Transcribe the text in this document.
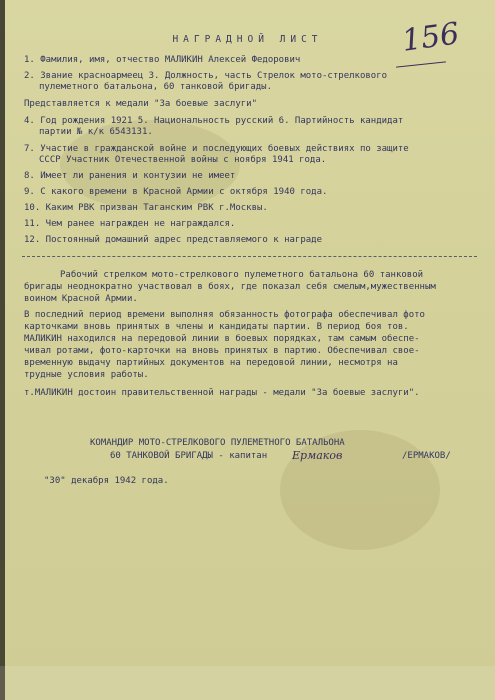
НАГРАДНОЙ ЛИСТ	156
1. Фамилия, имя, отчество МАЛИКИН Алексей Федорович
2. Звание красноармеец 3. Должность, часть Стрелок мото-стрелкового
пулеметного батальона, 60 танковой бригады.
Представляется к медали "За боевые заслуги"
4. Год рождения 1921 5. Национальность русский 6. Партийность кандидат
партии № к/к 6543131.
7. Участие в гражданской войне и последующих боевых действиях по защите
СССР Участник Отечественной войны с ноября 1941 года.
8. Имеет ли ранения и контузии не имеет
9. С какого времени в Красной Армии с октября 1940 года.
10. Каким РВК призван Таганским РВК г.Москвы.
11. Чем ранее награжден не награждался.
12. Постоянный домашний адрес представляемого к награде
Рабочий стрелком мото-стрелкового пулеметного батальона 60 танковой
бригады неоднократно участвовал в боях, где показал себя смелым,мужественным
воином Красной Армии.
В последний период времени выполняя обязанность фотографа обеспечивал фото
карточками вновь принятых в члены и кандидаты партии. В период боя тов.
МАЛИКИН находился на передовой линии в боевых порядках, там самым обеспе-
чивал ротами, фото-карточки на вновь принятых в партию. Обеспечивал свое-
временную выдачу партийных документов на передовой линии, несмотря на
трудные условия работы.
т.МАЛИКИН достоин правительственной награды - медали "За боевые заслуги".
КОМАНДИР МОТО-СТРЕЛКОВОГО ПУЛЕМЕТНОГО БАТАЛЬОНА
60 ТАНКОВОЙ БРИГАДЫ - капитан Ермаков	/ЕРМАКОВ/
"30" декабря 1942 года.
